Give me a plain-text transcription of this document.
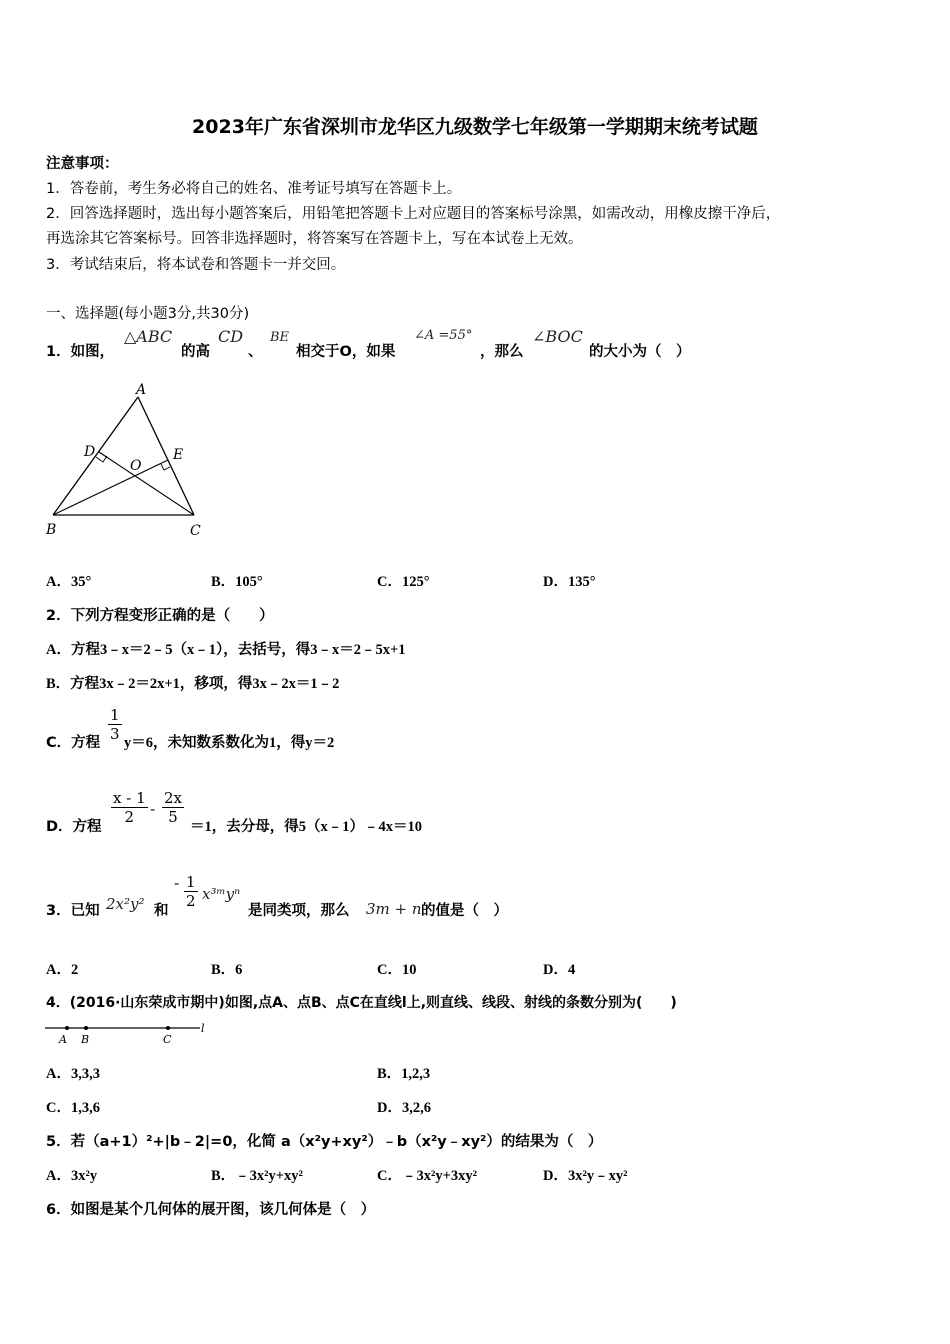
2023年广东省深圳市龙华区九级数学七年级第一学期期末统考试题
注意事项：
1．答卷前，考生务必将自己的姓名、准考证号填写在答题卡上。
2．回答选择题时，选出每小题答案后，用铅笔把答题卡上对应题目的答案标号涂黑，如需改动，用橡皮擦干净后，
再选涂其它答案标号。回答非选择题时，将答案写在答题卡上，写在本试卷上无效。
3．考试结束后，将本试卷和答题卡一并交回。
一、选择题(每小题3分,共30分)
1．如图，
△ABC
的高
CD
、
BE
相交于O，如果
∠A =55°
，那么
∠BOC
的大小为（　）
A
D	E
O
B	C
A．35°	B．105°	C．125°	D．135°
2．下列方程变形正确的是（　　）
A．方程3﹣x＝2﹣5（x﹣1），去括号，得3﹣x＝2﹣5x+1
B．方程3x﹣2＝2x+1，移项，得3x﹣2x＝1﹣2
C．方程 $\frac{1}{3} y=6$，未知数系数化为1，得y＝2
D．方程
$\frac{x - 1}{2} - \frac{2x}{5}$
＝1，去分母，得5（x﹣1）﹣4x＝10
3．已知 2x²y² 和
- $\frac{1}{2}$ x³ᵐyⁿ
是同类项，那么 3m + n 的值是（　）
A．2	B．6	C．10	D．4
4．(2016·山东荣成市期中)如图,点A、点B、点C在直线l上,则直线、线段、射线的条数分别为(　　)
A B	C
l
A．3,3,3	B．1,2,3
C．1,3,6	D．3,2,6
5．若（a+1）²+|b﹣2|=0，化简 a（x²y+xy²）﹣b（x²y﹣xy²）的结果为（　）
A．3x²y	B．﹣3x²y+xy²	C．﹣3x²y+3xy²	D．3x²y﹣xy²
6．如图是某个几何体的展开图，该几何体是（　）
